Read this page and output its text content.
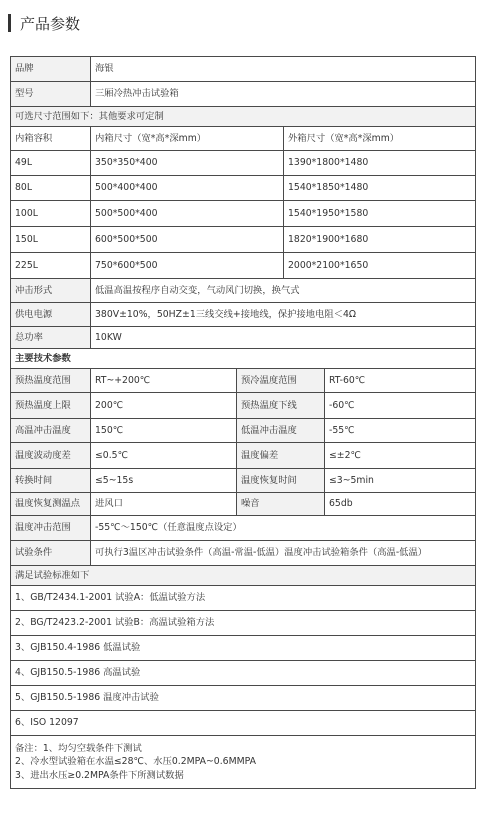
产品参数
品牌	海银
型号	三厢冷热冲击试验箱
可选尺寸范围如下：其他要求可定制
内箱容积	内箱尺寸（宽*高*深mm）	外箱尺寸（宽*高*深mm）
49L	350*350*400	1390*1800*1480
80L	500*400*400	1540*1850*1480
100L	500*500*400	1540*1950*1580
150L	600*500*500	1820*1900*1680
225L	750*600*500	2000*2100*1650
冲击形式	低温高温按程序自动交变，气动风门切换，换气式
供电电源	380V±10%，50HZ±1三线交线+接地线，保护接地电阻＜4Ω
总功率	10KW
主要技术参数
预热温度范围	RT~+200℃	预冷温度范围	RT-60℃
预热温度上限	200℃	预热温度下线	-60℃
高温冲击温度	150℃	低温冲击温度	-55℃
温度波动度差	≤0.5℃	温度偏差	≤±2℃
转换时间	≤5~15s	温度恢复时间	≤3~5min
温度恢复测温点	进风口	噪音	65db
温度冲击范围	-55℃～150℃（任意温度点设定）
试验条件	可执行3温区冲击试验条件（高温-常温-低温）温度冲击试验箱条件（高温-低温）
满足试验标准如下
1、GB/T2434.1-2001 试验A：低温试验方法
2、BG/T2423.2-2001 试验B：高温试验箱方法
3、GJB150.4-1986 低温试验
4、GJB150.5-1986 高温试验
5、GJB150.5-1986 温度冲击试验
6、ISO 12097
备注：1、均匀空载条件下测试
2、冷水型试验箱在水温≤28℃、水压0.2MPA~0.6MMPA
3、进出水压≥0.2MPA条件下所测试数据
